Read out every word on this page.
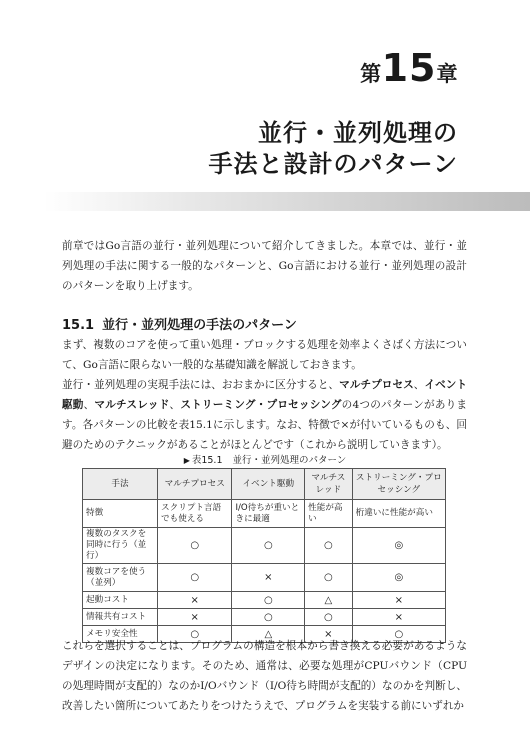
第15章
並行・並列処理の
手法と設計のパターン

前章ではGo言語の並行・並列処理について紹介してきました。本章では、並行・並列処理の手法に関する一般的なパターンと、Go言語における並行・並列処理の設計のパターンを取り上げます。

15.1 並行・並列処理の手法のパターン

まず、複数のコアを使って重い処理・ブロックする処理を効率よくさばく方法について、Go言語に限らない一般的な基礎知識を解説しておきます。

並行・並列処理の実現手法には、おおまかに区分すると、マルチプロセス、イベント駆動、マルチスレッド、ストリーミング・プロセッシングの4つのパターンがあります。各パターンの比較を表15.1に示します。なお、特徴で×が付いているものも、回避のためのテクニックがあることがほとんどです（これから説明していきます）。

▶ 表15.1 並行・並列処理のパターン
手法	マルチプロセス	イベント駆動	マルチスレッド	ストリーミング・プロセッシング
特徴	スクリプト言語でも使える	I/O待ちが重いときに最適	性能が高い	桁違いに性能が高い
複数のタスクを同時に行う（並行）	○	○	○	◎
複数コアを使う（並列）	○	×	○	◎
起動コスト	×	○	△	×
情報共有コスト	×	○	○	×
メモリ安全性	○	△	×	○

これらを選択することは、プログラムの構造を根本から書き換える必要があるようなデザインの決定になります。そのため、通常は、必要な処理がCPUバウンド（CPUの処理時間が支配的）なのかI/Oバウンド（I/O待ち時間が支配的）なのかを判断し、改善したい箇所についてあたりをつけたうえで、プログラムを実装する前にいずれか
